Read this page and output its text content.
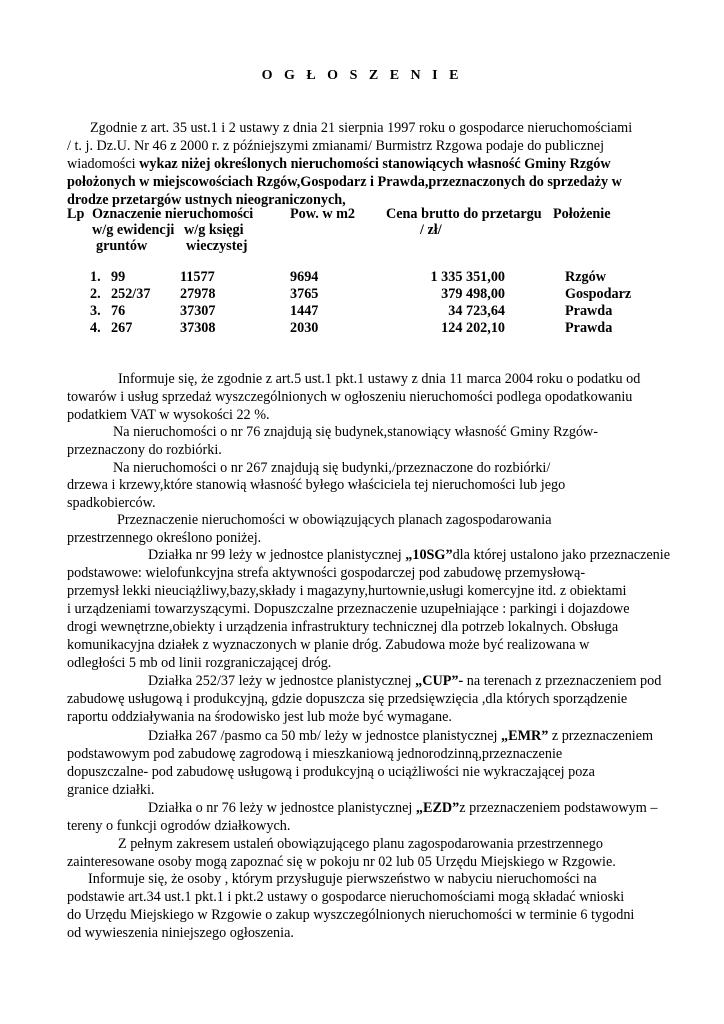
O G Ł O S Z E N I E
Zgodnie z art. 35 ust.1 i 2 ustawy z dnia 21 sierpnia 1997 roku o gospodarce nieruchomościami
/ t. j. Dz.U. Nr 46 z 2000 r. z późniejszymi zmianami/ Burmistrz Rzgowa podaje do publicznej
wiadomości wykaz niżej określonych nieruchomości stanowiących własność Gminy Rzgów
położonych w miejscowościach Rzgów,Gospodarz i Prawda,przeznaczonych do sprzedaży w
drodze przetargów ustnych nieograniczonych,
Lp Oznaczenie nieruchomości	Pow. w m2 Cena brutto do przetargu Położenie
w/g ewidencji w/g księgi	/ zł/
gruntów	wieczystej
1. 99	11577	9694	1 335 351,00	Rzgów
2. 252/37 27978	3765	379 498,00	Gospodarz
3. 76	37307	1447	34 723,64	Prawda
4. 267	37308	2030	124 202,10	Prawda
Informuje się, że zgodnie z art.5 ust.1 pkt.1 ustawy z dnia 11 marca 2004 roku o podatku od
towarów i usług sprzedaż wyszczególnionych w ogłoszeniu nieruchomości podlega opodatkowaniu
podatkiem VAT w wysokości 22 %.
Na nieruchomości o nr 76 znajdują się budynek,stanowiący własność Gminy Rzgów-
przeznaczony do rozbiórki.
Na nieruchomości o nr 267 znajdują się budynki,/przeznaczone do rozbiórki/
drzewa i krzewy,które stanowią własność byłego właściciela tej nieruchomości lub jego
spadkobierców.
Przeznaczenie nieruchomości w obowiązujących planach zagospodarowania
przestrzennego określono poniżej.
Działka nr 99 leży w jednostce planistycznej „10SG”dla której ustalono jako przeznaczenie
podstawowe: wielofunkcyjna strefa aktywności gospodarczej pod zabudowę przemysłową-
przemysł lekki nieuciążliwy,bazy,składy i magazyny,hurtownie,usługi komercyjne itd. z obiektami
i urządzeniami towarzyszącymi. Dopuszczalne przeznaczenie uzupełniające : parkingi i dojazdowe
drogi wewnętrzne,obiekty i urządzenia infrastruktury technicznej dla potrzeb lokalnych. Obsługa
komunikacyjna działek z wyznaczonych w planie dróg. Zabudowa może być realizowana w
odległości 5 mb od linii rozgraniczającej dróg.
Działka 252/37 leży w jednostce planistycznej „CUP”- na terenach z przeznaczeniem pod
zabudowę usługową i produkcyjną, gdzie dopuszcza się przedsięwzięcia ,dla których sporządzenie
raportu oddziaływania na środowisko jest lub może być wymagane.
Działka 267 /pasmo ca 50 mb/ leży w jednostce planistycznej „EMR” z przeznaczeniem
podstawowym pod zabudowę zagrodową i mieszkaniową jednorodzinną,przeznaczenie
dopuszczalne- pod zabudowę usługową i produkcyjną o uciążliwości nie wykraczającej poza
granice działki.
Działka o nr 76 leży w jednostce planistycznej „EZD”z przeznaczeniem podstawowym –
tereny o funkcji ogrodów działkowych.
Z pełnym zakresem ustaleń obowiązującego planu zagospodarowania przestrzennego
zainteresowane osoby mogą zapoznać się w pokoju nr 02 lub 05 Urzędu Miejskiego w Rzgowie.
Informuje się, że osoby , którym przysługuje pierwszeństwo w nabyciu nieruchomości na
podstawie art.34 ust.1 pkt.1 i pkt.2 ustawy o gospodarce nieruchomościami mogą składać wnioski
do Urzędu Miejskiego w Rzgowie o zakup wyszczególnionych nieruchomości w terminie 6 tygodni
od wywieszenia niniejszego ogłoszenia.
